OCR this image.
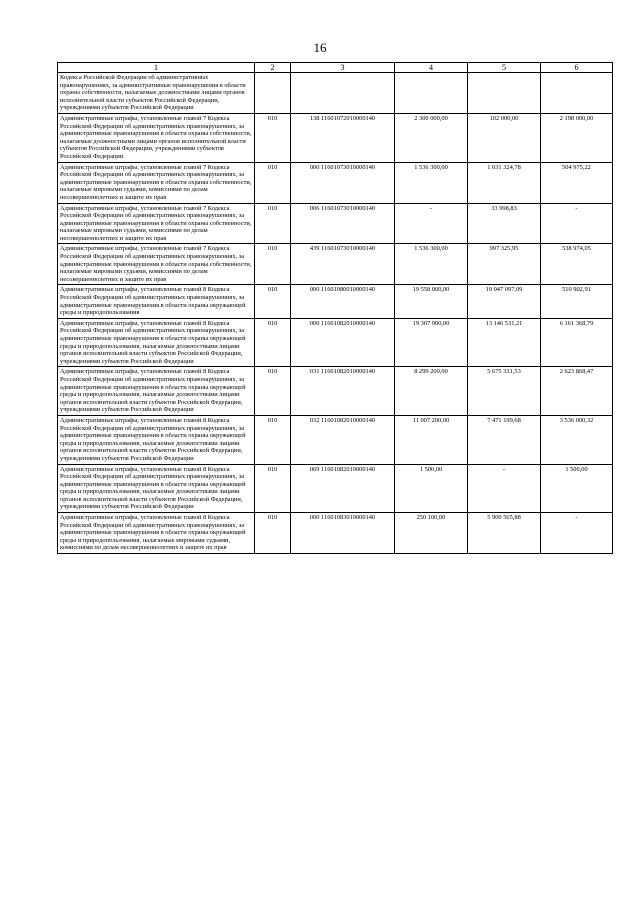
16
1	2	3	4	5	6
Кодекса Российской Федерации об административных правонарушениях, за административные правонарушения в области охраны собственности, налагаемые должностными лицами органов исполнительной власти субъектов Российской Федерации, учреждениями субъектов Российской Федерации					
Административные штрафы, установленные главой 7 Кодекса Российской Федерации об административных правонарушениях, за административные правонарушения в области охраны собственности, налагаемые должностными лицами органов исполнительной власти субъектов Российской Федерации, учреждениями субъектов Российской Федерации	010	138 11601072010000140	2 300 000,00	102 000,00	2 198 000,00
Административные штрафы, установленные главой 7 Кодекса Российской Федерации об административных правонарушениях, за административные правонарушения в области охраны собственности, налагаемые мировыми судьями, комиссиями по делам несовершеннолетних и защите их прав	010	000 11601073010000140	1 536 300,00	1 031 324,78	504 975,22
Административные штрафы, установленные главой 7 Кодекса Российской Федерации об административных правонарушениях, за административные правонарушения в области охраны собственности, налагаемые мировыми судьями, комиссиями по делам несовершеннолетних и защите их прав	010	006 11601073010000140	-	33 998,83	-
Административные штрафы, установленные главой 7 Кодекса Российской Федерации об административных правонарушениях, за административные правонарушения в области охраны собственности, налагаемые мировыми судьями, комиссиями по делам несовершеннолетних и защите их прав	010	439 11601073010000140	1 536 300,00	997 325,95	538 974,05
Административные штрафы, установленные главой 8 Кодекса Российской Федерации об административных правонарушениях, за административные правонарушения в области охраны окружающей среды и природопользования	010	000 11601080010000140	19 558 000,00	19 047 097,09	510 902,91
Административные штрафы, установленные главой 8 Кодекса Российской Федерации об административных правонарушениях, за административные правонарушения в области охраны окружающей среды и природопользования, налагаемые должностными лицами органов исполнительной власти субъектов Российской Федерации, учреждениями субъектов Российской Федерации	010	000 11601082010000140	19 307 900,00	13 146 531,21	6 161 368,79
Административные штрафы, установленные главой 8 Кодекса Российской Федерации об административных правонарушениях, за административные правонарушения в области охраны окружающей среды и природопользования, налагаемые должностными лицами органов исполнительной власти субъектов Российской Федерации, учреждениями субъектов Российской Федерации	010	031 11601082010000140	8 299 200,00	5 675 331,53	2 623 868,47
Административные штрафы, установленные главой 8 Кодекса Российской Федерации об административных правонарушениях, за административные правонарушения в области охраны окружающей среды и природопользования, налагаемые должностными лицами органов исполнительной власти субъектов Российской Федерации, учреждениями субъектов Российской Федерации	010	032 11601082010000140	11 007 200,00	7 471 199,68	3 536 000,32
Административные штрафы, установленные главой 8 Кодекса Российской Федерации об административных правонарушениях, за административные правонарушения в области охраны окружающей среды и природопользования, налагаемые должностными лицами органов исполнительной власти субъектов Российской Федерации, учреждениями субъектов Российской Федерации	010	069 11601082010000140	1 500,00	-	1 500,00
Административные штрафы, установленные главой 8 Кодекса Российской Федерации об административных правонарушениях, за административные правонарушения в области охраны окружающей среды и природопользования, налагаемые мировыми судьями, комиссиями по делам несовершеннолетних и защите их прав	010	000 11601083010000140	250 100,00	5 900 565,88	-
